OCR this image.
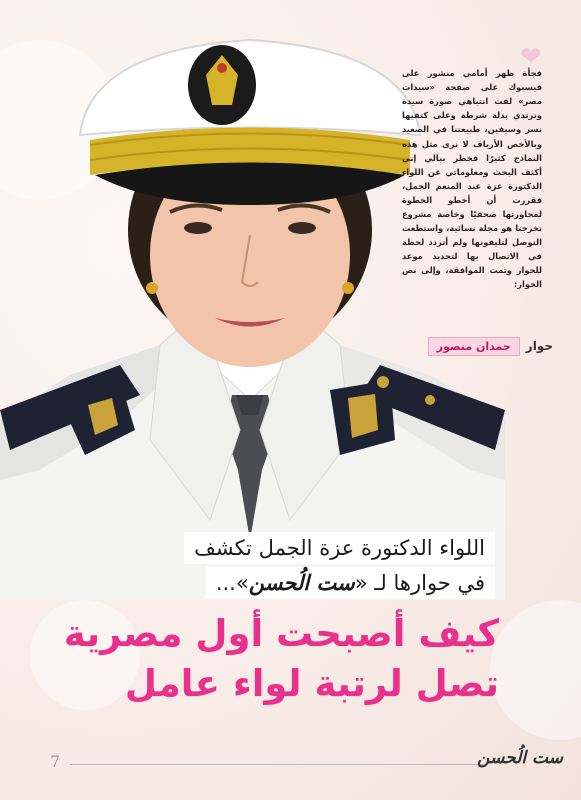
❤

فجأة ظهر أمامي منشور على فيسبوك على صفحة «سيدات مصر» لفت انتباهي صورة سيدة وترتدي بدلة شرطة وعلى كتفيها نسر وسيفين، طبيعتنا في الصعيد وبالأخص الأرياف لا نرى مثل هذه النماذج كثيرًا فخطر ببالي إني أكثف البحث ومعلوماتي عن اللواء الدكتورة عزة عبد المنعم الجمل، فقررت أن أخطو الخطوة لمحاورتها صحفيًا وخاصة مشروع تخرجنا هو مجلة نسائية، واستطعت التوصل لتليفونها ولم أتردد لحظة في الاتصال بها لتحديد موعد للحوار وتمت الموافقة، وإلى نص الحوار:

حوار
حمدان منصور
اللواء الدكتورة عزة الجمل تكشف
في حوارها لـ «ست الُحسن»...
كيف أصبحت أول مصرية
تصل لرتبة لواء عامل
7	ست الُحسن
